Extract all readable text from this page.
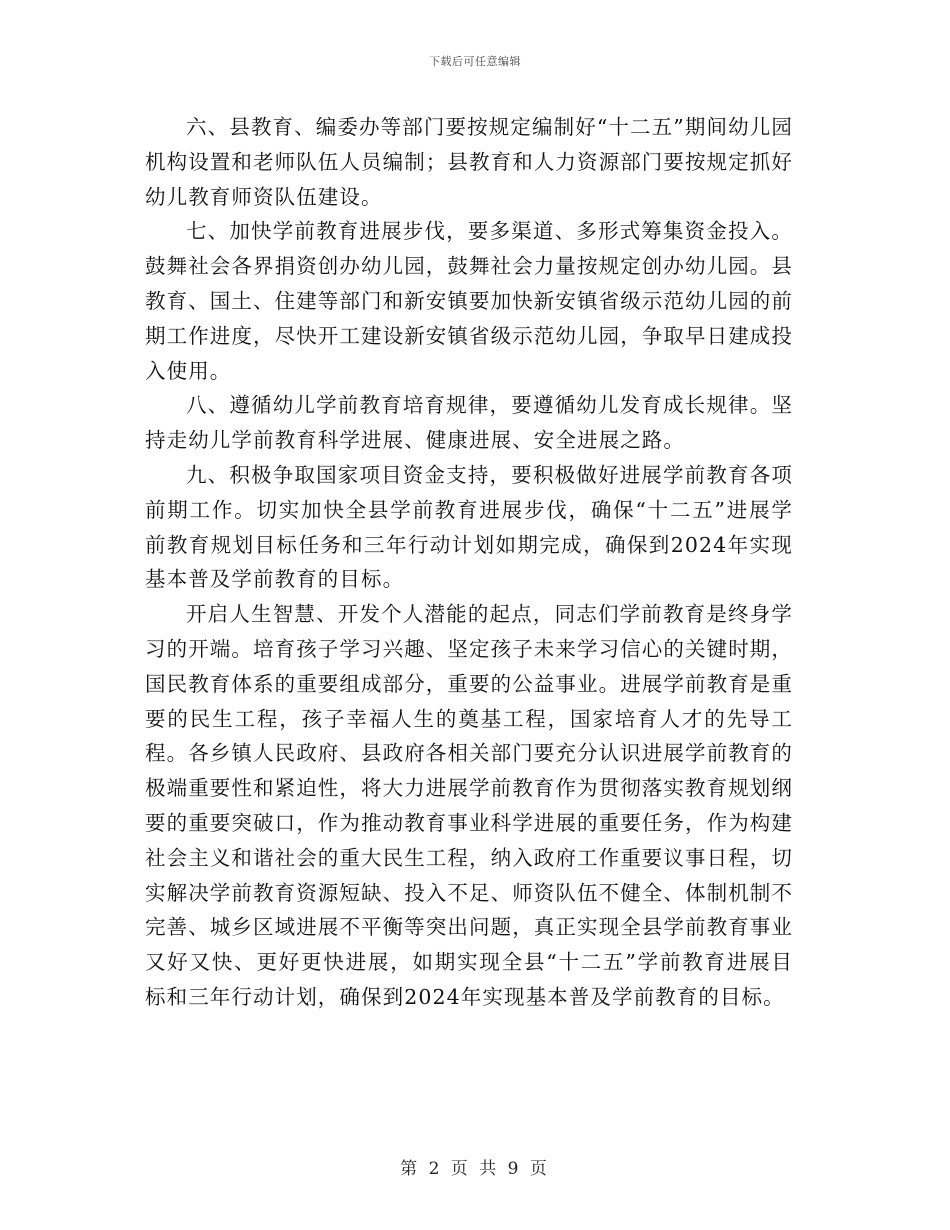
下载后可任意编辑

六、县教育、编委办等部门要按规定编制好“十二五”期间幼儿园机构设置和老师队伍人员编制；县教育和人力资源部门要按规定抓好幼儿教育师资队伍建设。

七、加快学前教育进展步伐，要多渠道、多形式筹集资金投入。鼓舞社会各界捐资创办幼儿园，鼓舞社会力量按规定创办幼儿园。县教育、国土、住建等部门和新安镇要加快新安镇省级示范幼儿园的前期工作进度，尽快开工建设新安镇省级示范幼儿园，争取早日建成投入使用。

八、遵循幼儿学前教育培育规律，要遵循幼儿发育成长规律。坚持走幼儿学前教育科学进展、健康进展、安全进展之路。

九、积极争取国家项目资金支持，要积极做好进展学前教育各项前期工作。切实加快全县学前教育进展步伐，确保“十二五”进展学前教育规划目标任务和三年行动计划如期完成，确保到2024年实现基本普及学前教育的目标。

开启人生智慧、开发个人潜能的起点，同志们学前教育是终身学习的开端。培育孩子学习兴趣、坚定孩子未来学习信心的关键时期，国民教育体系的重要组成部分，重要的公益事业。进展学前教育是重要的民生工程，孩子幸福人生的奠基工程，国家培育人才的先导工程。各乡镇人民政府、县政府各相关部门要充分认识进展学前教育的极端重要性和紧迫性，将大力进展学前教育作为贯彻落实教育规划纲要的重要突破口，作为推动教育事业科学进展的重要任务，作为构建社会主义和谐社会的重大民生工程，纳入政府工作重要议事日程，切实解决学前教育资源短缺、投入不足、师资队伍不健全、体制机制不完善、城乡区域进展不平衡等突出问题，真正实现全县学前教育事业又好又快、更好更快进展，如期实现全县“十二五”学前教育进展目标和三年行动计划，确保到2024年实现基本普及学前教育的目标。

第 2 页 共 9 页
